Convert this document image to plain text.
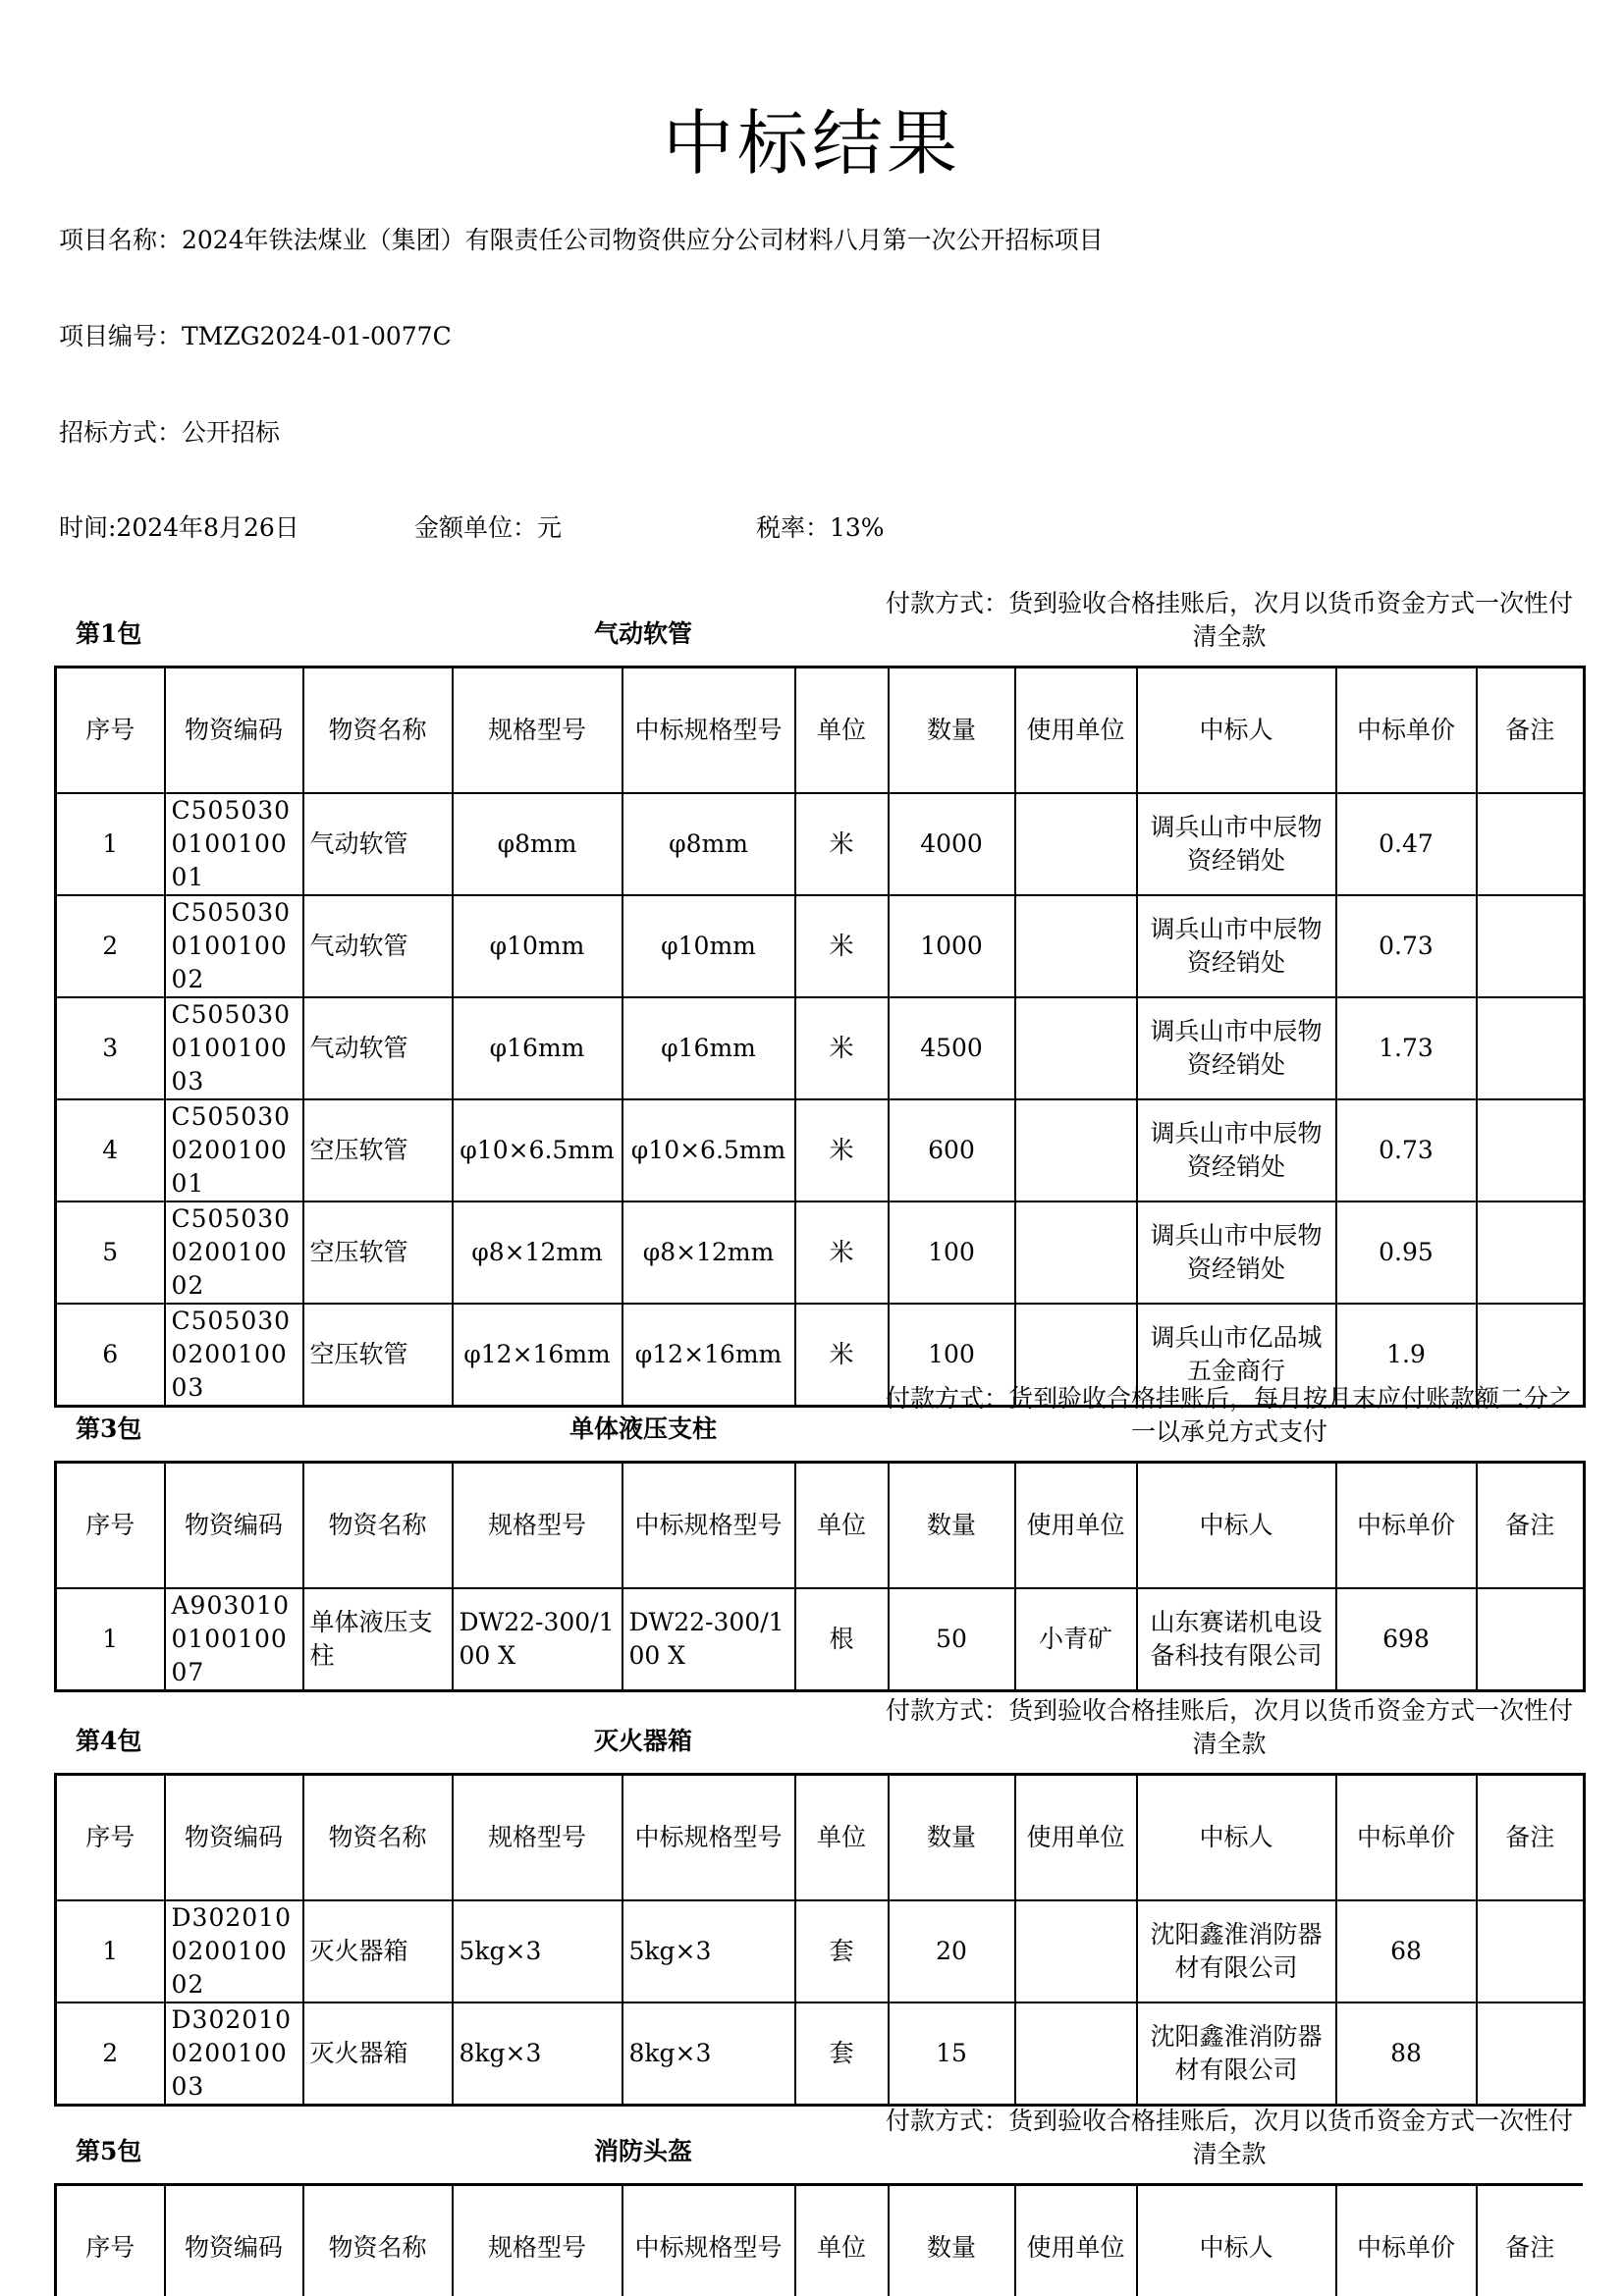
中标结果
项目名称：2024年铁法煤业（集团）有限责任公司物资供应分公司材料八月第一次公开招标项目
项目编号：TMZG2024-01-0077C
招标方式：公开招标
时间:2024年8月26日	金额单位：元	税率：13%
第1包	气动软管
付款方式：货到验收合格挂账后，次月以货币资金方式一次性付清全款
序号	物资编码	物资名称	规格型号	中标规格型号	单位	数量	使用单位	中标人	中标单价	备注
1	C505030010010001	气动软管	φ8mm	φ8mm	米	4000		调兵山市中辰物资经销处	0.47	
2	C505030010010002	气动软管	φ10mm	φ10mm	米	1000		调兵山市中辰物资经销处	0.73	
3	C505030010010003	气动软管	φ16mm	φ16mm	米	4500		调兵山市中辰物资经销处	1.73	
4	C505030020010001	空压软管	φ10×6.5mm	φ10×6.5mm	米	600		调兵山市中辰物资经销处	0.73	
5	C505030020010002	空压软管	φ8×12mm	φ8×12mm	米	100		调兵山市中辰物资经销处	0.95	
6	C505030020010003	空压软管	φ12×16mm	φ12×16mm	米	100		调兵山市亿品城五金商行	1.9	
第3包	单体液压支柱
付款方式：货到验收合格挂账后，每月按月末应付账款额二分之一以承兑方式支付
序号	物资编码	物资名称	规格型号	中标规格型号	单位	数量	使用单位	中标人	中标单价	备注
1	A903010010010007	单体液压支柱	DW22-300/100 X	DW22-300/100 X	根	50	小青矿	山东赛诺机电设备科技有限公司	698	
第4包	灭火器箱
付款方式：货到验收合格挂账后，次月以货币资金方式一次性付清全款
序号	物资编码	物资名称	规格型号	中标规格型号	单位	数量	使用单位	中标人	中标单价	备注
1	D302010020010002	灭火器箱	5kg×3	5kg×3	套	20		沈阳鑫淮消防器材有限公司	68	
2	D302010020010003	灭火器箱	8kg×3	8kg×3	套	15		沈阳鑫淮消防器材有限公司	88	
第5包	消防头盔
付款方式：货到验收合格挂账后，次月以货币资金方式一次性付清全款
序号	物资编码	物资名称	规格型号	中标规格型号	单位	数量	使用单位	中标人	中标单价	备注
